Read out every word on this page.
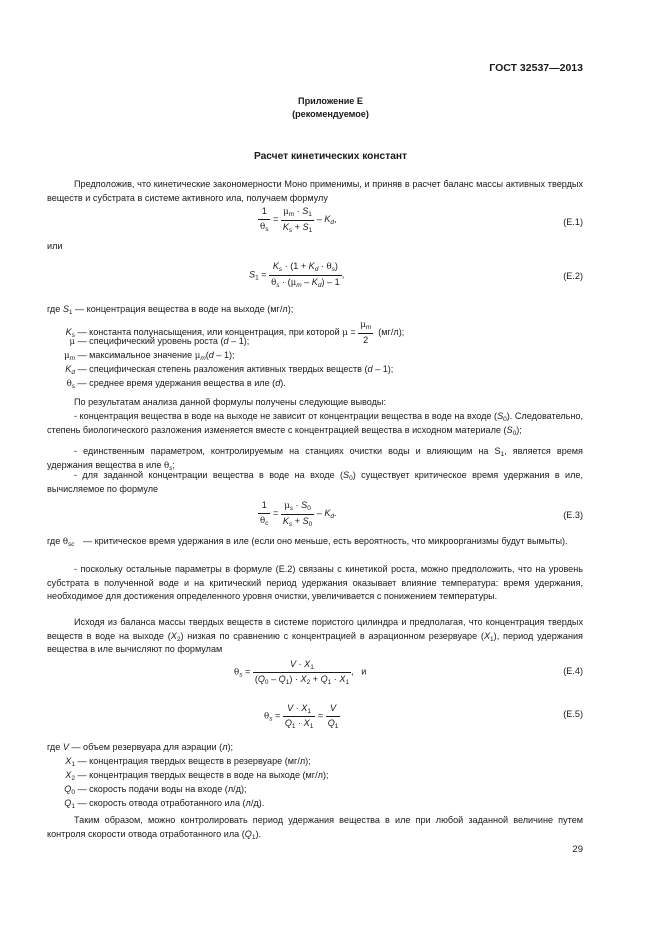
ГОСТ 32537—2013
Приложение Е
(рекомендуемое)
Расчет кинетических констант
Предположив, что кинетические закономерности Моно применимы, и приняв в расчет баланс массы активных твердых веществ и субстрата в системе активного ила, получаем формулу
$\frac{1}{\theta_s} = \frac{\mu_m \cdot S_1}{K_s + S_1} - K_d$,	(Е.1)
или
$S_1 = \frac{K_s \cdot (1 + K_d \cdot \theta_s)}{\theta_s \cdot (\mu_m - K_d) - 1}$ ,	(Е.2)
где $S_1$ — концентрация вещества в воде на выходе (мг/л);
$K_s$ — константа полунасыщения, или концентрация, при которой $\mu = \frac{\mu_m}{2} (мг/л)$;
μ — специфический уровень роста (d – 1);
$\mu_m$ — максимальное значение $\mu_m(d - 1)$;
$K_d$ — специфическая степень разложения активных твердых веществ (d – 1);
$\theta_s$ — среднее время удержания вещества в иле (d).
По результатам анализа данной формулы получены следующие выводы:
- концентрация вещества в воде на выходе не зависит от концентрации вещества в воде на входе $(S_0)$. Следовательно, степень биологического разложения изменяется вместе с концентрацией вещества в исходном материале $(S_0)$;
- единственным параметром, контролируемым на станциях очистки воды и влияющим на $S_1$, является время удержания вещества в иле $\theta_s$;
- для заданной концентрации вещества в воде на входе $(S_0)$ существует критическое время удержания в иле, вычисляемое по формуле
$\frac{1}{\theta_c} = \frac{\mu_s \cdot S_0}{K_s + S_0} - K_d$.	(Е.3)
где $\theta_{sc}$ — критическое время удержания в иле (если оно меньше, есть вероятность, что микроорганизмы будут вымыты).
- поскольку остальные параметры в формуле (Е.2) связаны с кинетикой роста, можно предположить, что на уровень субстрата в полученной воде и на критический период удержания оказывает влияние температура: время удержания, необходимое для достижения определенного уровня очистки, увеличивается с понижением температуры.
Исходя из баланса массы твердых веществ в системе пористого цилиндра и предполагая, что концентрация твердых веществ в воде на выходе $(X_2)$ низкая по сравнению с концентрацией в аэрационном резервуаре $(X_1)$, период удержания вещества в иле вычисляют по формулам
$\theta_s = \frac{V \cdot X_1}{(Q_0 - Q_1) \cdot X_2 + Q_1 \cdot X_1}$ ,   и	(Е.4)
$\theta_s = \frac{V \cdot X_1}{Q_1 \cdot X_1} = \frac{V}{Q_1}$	(Е.5)
где V — объем резервуара для аэрации (л);
$X_1$ — концентрация твердых веществ в резервуаре (мг/л);
$X_2$ — концентрация твердых веществ в воде на выходе (мг/л);
$Q_0$ — скорость подачи воды на входе (л/д);
$Q_1$ — скорость отвода отработанного ила (л/д).
Таким образом, можно контролировать период удержания вещества в иле при любой заданной величине путем контроля скорости отвода отработанного ила $(Q_1)$.
29
